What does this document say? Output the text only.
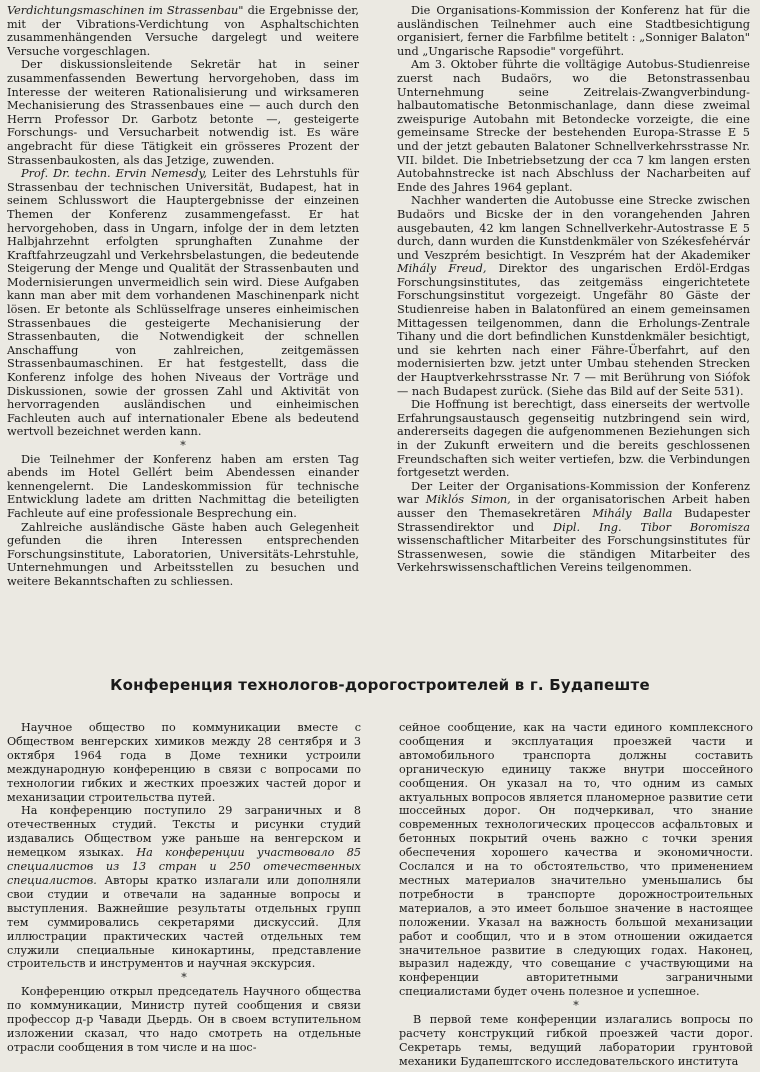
Verdichtungsmaschinen im Strassenbau" die Ergebnisse der, mit der Vibrations-Verdichtung von Asphaltschichten zusammenhängenden Versuche dargelegt und weitere Versuche vorgeschlagen.

Der diskussionsleitende Sekretär hat in seiner zusammenfassenden Bewertung hervorgehoben, dass im Interesse der weiteren Rationalisierung und wirksameren Mechanisierung des Strassenbaues eine — auch durch den Herrn Professor Dr. Garbotz betonte —, gesteigerte Forschungs- und Versucharbeit notwendig ist. Es wäre angebracht für diese Tätigkeit ein grösseres Prozent der Strassenbaukosten, als das Jetzige, zuwenden.

Prof. Dr. techn. Ervin Nemesdy, Leiter des Lehrstuhls für Strassenbau der technischen Universität, Budapest, hat in seinem Schlusswort die Hauptergebnisse der einzeinen Themen der Konferenz zusammengefasst. Er hat hervorgehoben, dass in Ungarn, infolge der in dem letzten Halbjahrzehnt erfolgten sprunghaften Zunahme der Kraftfahrzeugzahl und Verkehrsbelastungen, die bedeutende Steigerung der Menge und Qualität der Strassenbauten und Modernisierungen unvermeidlich sein wird. Diese Aufgaben kann man aber mit dem vorhandenen Maschinenpark nicht lösen. Er betonte als Schlüsselfrage unseres einheimischen Strassenbaues die gesteigerte Mechanisierung der Strassenbauten, die Notwendigkeit der schnellen Anschaffung von zahlreichen, zeitgemässen Strassenbaumaschinen. Er hat festgestellt, dass die Konferenz infolge des hohen Niveaus der Vorträge und Diskussionen, sowie der grossen Zahl und Aktivität von hervorragenden ausländischen und einheimischen Fachleuten auch auf internationaler Ebene als bedeutend wertvoll bezeichnet werden kann.

*

Die Teilnehmer der Konferenz haben am ersten Tag abends im Hotel Gellért beim Abendessen einander kennengelernt. Die Landeskommission für technische Entwicklung ladete am dritten Nachmittag die beteiligten Fachleute auf eine professionale Besprechung ein.

Zahlreiche ausländische Gäste haben auch Gelegenheit gefunden die ihren Interessen entsprechenden Forschungsinstitute, Laboratorien, Universitäts-Lehrstuhle, Unternehmungen und Arbeitsstellen zu besuchen und weitere Bekanntschaften zu schliessen.

Die Organisations-Kommission der Konferenz hat für die ausländischen Teilnehmer auch eine Stadtbesichtigung organisiert, ferner die Farbfilme betitelt : „Sonniger Balaton" und „Ungarische Rapsodie" vorgeführt.

Am 3. Oktober führte die volltägige Autobus-Studienreise zuerst nach Budaörs, wo die Betonstrassenbau Unternehmung seine Zeitrelais-Zwangverbindung- halbautomatische Betonmischanlage, dann diese zweimal zweispurige Autobahn mit Betondecke vorzeigte, die eine gemeinsame Strecke der bestehenden Europa-Strasse E 5 und der jetzt gebauten Balatoner Schnellverkehrsstrasse Nr. VII. bildet. Die Inbetriebsetzung der cca 7 km langen ersten Autobahnstrecke ist nach Abschluss der Nacharbeiten auf Ende des Jahres 1964 geplant.

Nachher wanderten die Autobusse eine Strecke zwischen Budaörs und Bicske der in den vorangehenden Jahren ausgebauten, 42 km langen Schnellverkehr-Autostrasse E 5 durch, dann wurden die Kunstdenkmäler von Székesfehérvár und Veszprém besichtigt. In Veszprém hat der Akademiker Mihály Freud, Direktor des ungarischen Erdöl-Erdgas Forschungsinstitutes, das zeitgemäss eingerichtetete Forschungsinstitut vorgezeigt. Ungefähr 80 Gäste der Studienreise haben in Balatonfüred an einem gemeinsamen Mittagessen teilgenommen, dann die Erholungs-Zentrale Tihany und die dort befindlichen Kunstdenkmäler besichtigt, und sie kehrten nach einer Fähre-Überfahrt, auf den modernisierten bzw. jetzt unter Umbau stehenden Strecken der Hauptverkehrsstrasse Nr. 7 — mit Berührung von Siófok — nach Budapest zurück. (Siehe das Bild auf der Seite 531).

Die Hoffnung ist berechtigt, dass einerseits der wertvolle Erfahrungsaustausch gegenseitig nutzbringend sein wird, andererseits dagegen die aufgenommenen Beziehungen sich in der Zukunft erweitern und die bereits geschlossenen Freundschaften sich weiter vertiefen, bzw. die Verbindungen fortgesetzt werden.

Der Leiter der Organisations-Kommission der Konferenz war Miklós Simon, in der organisatorischen Arbeit haben ausser den Themasekretären Mihály Balla Budapester Strassendirektor und Dipl. Ing. Tibor Boromisza wissenschaftlicher Mitarbeiter des Forschungsinstitutes für Strassenwesen, sowie die ständigen Mitarbeiter des Verkehrswissenschaftlichen Vereins teilgenommen.

Конференция технологов-дорогостроителей в г. Будапеште

Научное общество по коммуникации вместе с Обществом венгерских химиков между 28 сентября и 3 октября 1964 года в Доме техники устроили международную конференцию в связи с вопросами по технологии гибких и жестких проезжих частей дорог и механизации строительства путей.

На конференцию поступило 29 заграничных и 8 отечественных студий. Тексты и рисунки студий издавались Обществом уже раньше на венгерском и немецком языках. На конференции участвовало 85 специалистов из 13 стран и 250 отечественных специалистов. Авторы кратко излагали или дополняли свои студии и отвечали на заданные вопросы и выступления. Важнейшие результаты отдельных групп тем суммировались секретарями дискуссий. Для иллюстрации практических частей отдельных тем служили специальные кинокартины, представление строительств и инструментов и научная экскурсия.

*

Конференцию открыл председатель Научного общества по коммуникации, Министр путей сообщения и связи профессор д-р Чавади Дьердь. Он в своем вступительном изложении сказал, что надо смотреть на отдельные отрасли сообщения в том числе и на шос-

сейное сообщение, как на части единого комплексного сообщения и эксплуатация проезжей части и автомобильного транспорта должны составить органическую единицу также внутри шоссейного сообщения. Он указал на то, что одним из самых актуальных вопросов является планомерное развитие сети шоссейных дорог. Он подчеркивал, что знание современных технологических процессов асфальтовых и бетонных покрытий очень важно с точки зрения обеспечения хорошего качества и экономичности. Сослался и на то обстоятельство, что применением местных материалов значительно уменьшались бы потребности в транспорте дорожностроительных материалов, а это имеет большое значение в настоящее положении. Указал на важность большой механизации работ и сообщил, что и в этом отношении ожидается значительное развитие в следующих годах. Наконец, выразил надежду, что совещание с участвующими на конференции авторитетными заграничными специалистами будет очень полезное и успешное.

*

В первой теме конференции излагались вопросы по расчету конструкций гибкой проезжей части дорог. Секретарь темы, ведущий лаборатории грунтовой механики Будапештского исследовательского института
